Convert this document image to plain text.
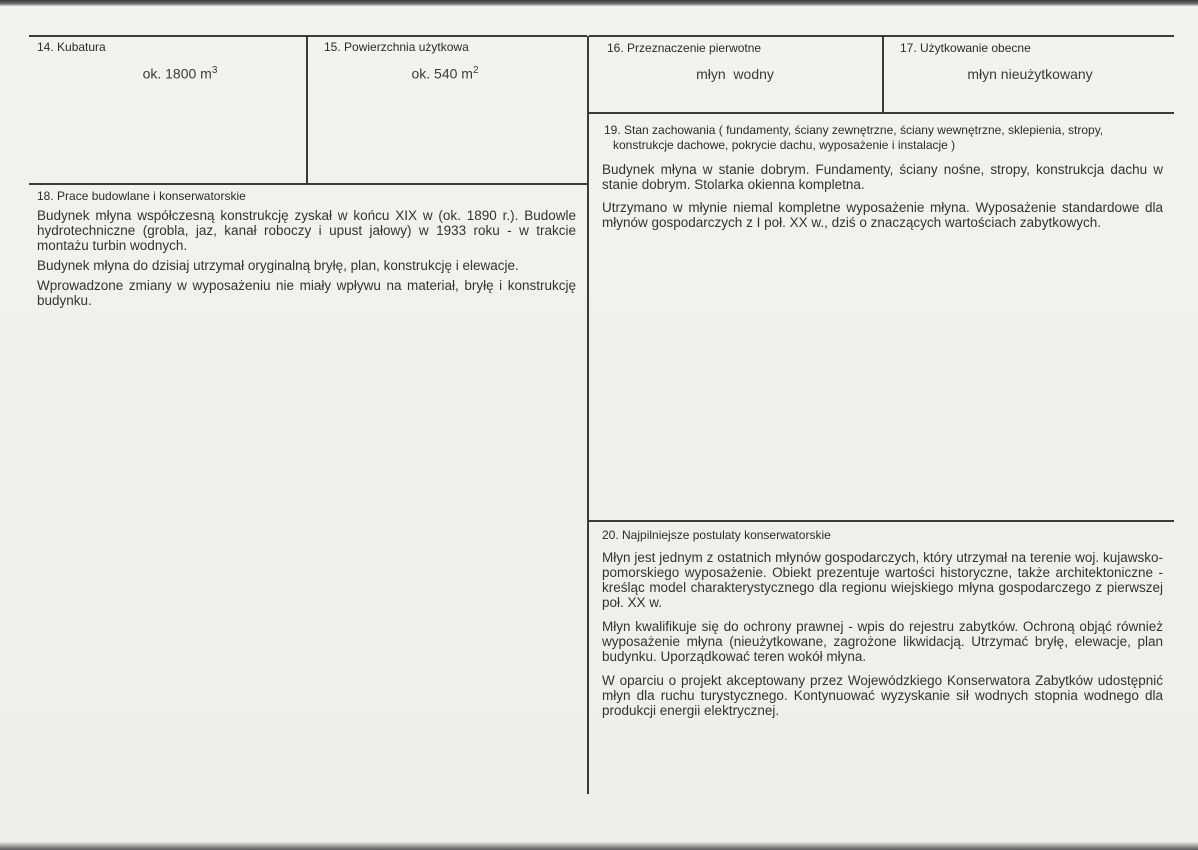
14. Kubatura
ok. 1800 $m^3$
15. Powierzchnia użytkowa
ok. 540 $m^2$
16. Przeznaczenie pierwotne
młyn  wodny
17. Użytkowanie obecne
młyn nieużytkowany
18. Prace budowlane i konserwatorskie

Budynek młyna współczesną konstrukcję zyskał w końcu XIX w (ok. 1890 r.). Budowle hydrotechniczne (grobla, jaz, kanał roboczy i upust jałowy) w 1933 roku - w trakcie montażu turbin wodnych.

Budynek młyna do dzisiaj utrzymał oryginalną bryłę, plan, konstrukcję i elewacje.

Wprowadzone zmiany w wyposażeniu nie miały wpływu na materiał, bryłę i konstrukcję budynku.

19. Stan zachowania ( fundamenty, ściany zewnętrzne, ściany wewnętrzne, sklepienia, stropy,
konstrukcje dachowe, pokrycie dachu, wyposażenie i instalacje )

Budynek młyna w stanie dobrym. Fundamenty, ściany nośne, stropy, konstrukcja dachu w stanie dobrym. Stolarka okienna kompletna.

Utrzymano w młynie niemal kompletne wyposażenie młyna. Wyposażenie standardowe dla młynów gospodarczych z I poł. XX w., dziś o znaczących wartościach zabytkowych.

20. Najpilniejsze postulaty konserwatorskie

Młyn jest jednym z ostatnich młynów gospodarczych, który utrzymał na terenie woj. kujawsko-pomorskiego wyposażenie. Obiekt prezentuje wartości historyczne, także architektoniczne - kreśląc model charakterystycznego dla regionu wiejskiego młyna gospodarczego z pierwszej poł. XX w.

Młyn kwalifikuje się do ochrony prawnej - wpis do rejestru zabytków. Ochroną objąć również wyposażenie młyna (nieużytkowane, zagrożone likwidacją. Utrzymać bryłę, elewacje, plan budynku. Uporządkować teren wokół młyna.

W oparciu o projekt akceptowany przez Wojewódzkiego Konserwatora Zabytków udostępnić młyn dla ruchu turystycznego. Kontynuować wyzyskanie sił wodnych stopnia wodnego dla produkcji energii elektrycznej.
